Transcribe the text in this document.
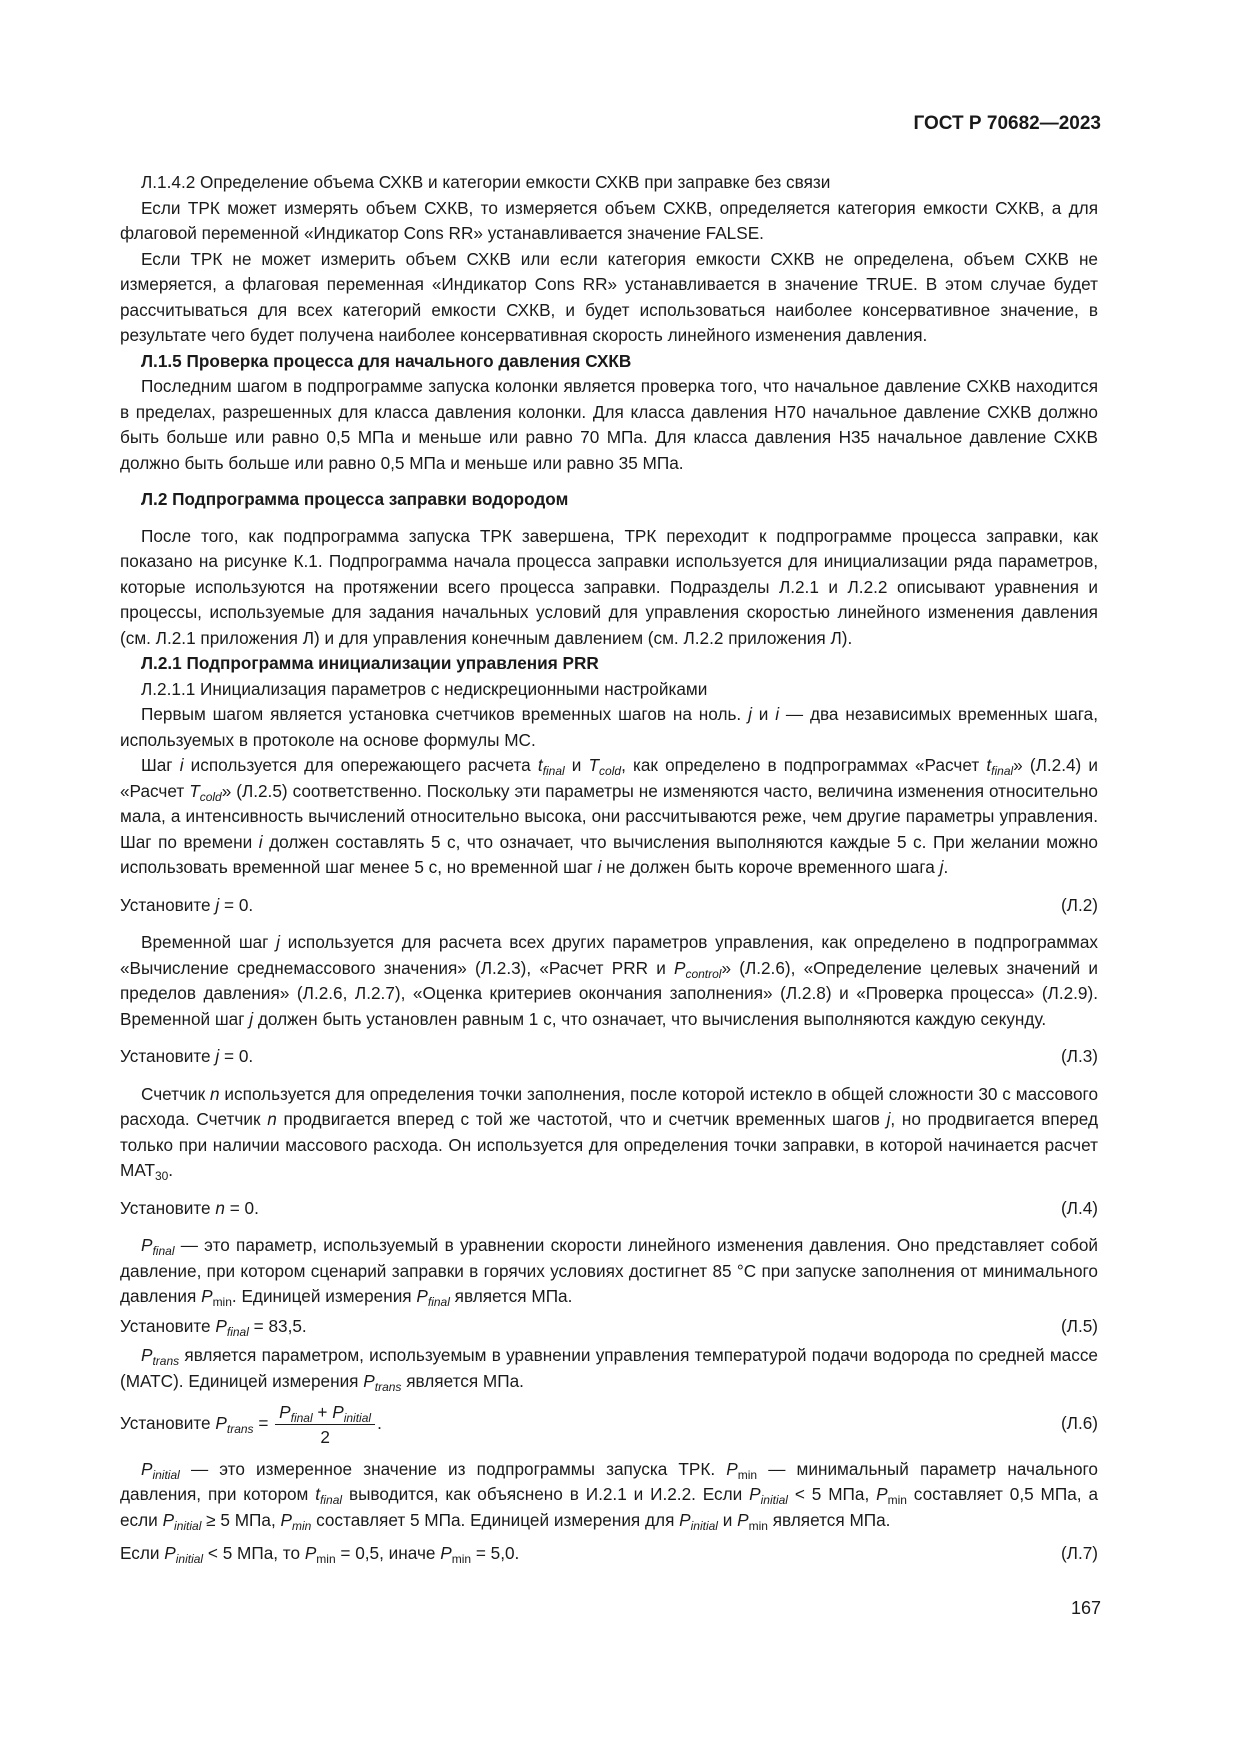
ГОСТ Р 70682—2023

Л.1.4.2 Определение объема СХКВ и категории емкости СХКВ при заправке без связи

Если ТРК может измерять объем СХКВ, то измеряется объем СХКВ, определяется категория емкости СХКВ, а для флаговой переменной «Индикатор Cons RR» устанавливается значение FALSE.

Если ТРК не может измерить объем СХКВ или если категория емкости СХКВ не определена, объем СХКВ не измеряется, а флаговая переменная «Индикатор Cons RR» устанавливается в значение TRUE. В этом случае будет рассчитываться для всех категорий емкости СХКВ, и будет использоваться наиболее консервативное значение, в результате чего будет получена наиболее консервативная скорость линейного изменения давления.

Л.1.5 Проверка процесса для начального давления СХКВ

Последним шагом в подпрограмме запуска колонки является проверка того, что начальное давление СХКВ находится в пределах, разрешенных для класса давления колонки. Для класса давления Н70 начальное давление СХКВ должно быть больше или равно 0,5 МПа и меньше или равно 70 МПа. Для класса давления Н35 начальное давление СХКВ должно быть больше или равно 0,5 МПа и меньше или равно 35 МПа.

Л.2 Подпрограмма процесса заправки водородом

После того, как подпрограмма запуска ТРК завершена, ТРК переходит к подпрограмме процесса заправки, как показано на рисунке К.1. Подпрограмма начала процесса заправки используется для инициализации ряда параметров, которые используются на протяжении всего процесса заправки. Подразделы Л.2.1 и Л.2.2 описывают уравнения и процессы, используемые для задания начальных условий для управления скоростью линейного изменения давления (см. Л.2.1 приложения Л) и для управления конечным давлением (см. Л.2.2 приложения Л).

Л.2.1 Подпрограмма инициализации управления PRR

Л.2.1.1 Инициализация параметров с недискреционными настройками

Первым шагом является установка счетчиков временных шагов на ноль. j и i — два независимых временных шага, используемых в протоколе на основе формулы МС.

Шаг i используется для опережающего расчета $t_{final}$ и $T_{cold}$, как определено в подпрограммах «Расчет $t_{final}$» (Л.2.4) и «Расчет $T_{cold}$» (Л.2.5) соответственно. Поскольку эти параметры не изменяются часто, величина изменения относительно мала, а интенсивность вычислений относительно высока, они рассчитываются реже, чем другие параметры управления. Шаг по времени i должен составлять 5 с, что означает, что вычисления выполняются каждые 5 с. При желании можно использовать временной шаг менее 5 с, но временной шаг i не должен быть короче временного шага j.

Установите j = 0.	(Л.2)

Временной шаг j используется для расчета всех других параметров управления, как определено в подпрограммах «Вычисление среднемассового значения» (Л.2.3), «Расчет PRR и $P_{control}$» (Л.2.6), «Определение целевых значений и пределов давления» (Л.2.6, Л.2.7), «Оценка критериев окончания заполнения» (Л.2.8) и «Проверка процесса» (Л.2.9). Временной шаг j должен быть установлен равным 1 с, что означает, что вычисления выполняются каждую секунду.

Установите j = 0.	(Л.3)

Счетчик n используется для определения точки заполнения, после которой истекло в общей сложности 30 с массового расхода. Счетчик n продвигается вперед с той же частотой, что и счетчик временных шагов j, но продвигается вперед только при наличии массового расхода. Он используется для определения точки заправки, в которой начинается расчет $МАТ_{30}$.

Установите n = 0.	(Л.4)

$P_{final}$ — это параметр, используемый в уравнении скорости линейного изменения давления. Оно представляет собой давление, при котором сценарий заправки в горячих условиях достигнет 85 °С при запуске заполнения от минимального давления $P_{min}$. Единицей измерения $P_{final}$ является МПа.

Установите $P_{final} = 83,5$.	(Л.5)

$P_{trans}$ является параметром, используемым в уравнении управления температурой подачи водорода по средней массе (МАТС). Единицей измерения $P_{trans}$ является МПа.

Установите $P_{trans} = \frac{P_{final} + P_{initial}}{2}$ .	(Л.6)

$P_{initial}$ — это измеренное значение из подпрограммы запуска ТРК. $P_{min}$ — минимальный параметр начального давления, при котором $t_{final}$ выводится, как объяснено в И.2.1 и И.2.2. Если $P_{initial} < 5$ МПа, $P_{min}$ составляет 0,5 МПа, а если $P_{initial} \ge 5$ МПа, $P_{min}$ составляет 5 МПа. Единицей измерения для $P_{initial}$ и $P_{min}$ является МПа.

Если $P_{initial} < 5$ МПа, то $P_{min} = 0,5$, иначе $P_{min} = 5,0$.	(Л.7)

167
